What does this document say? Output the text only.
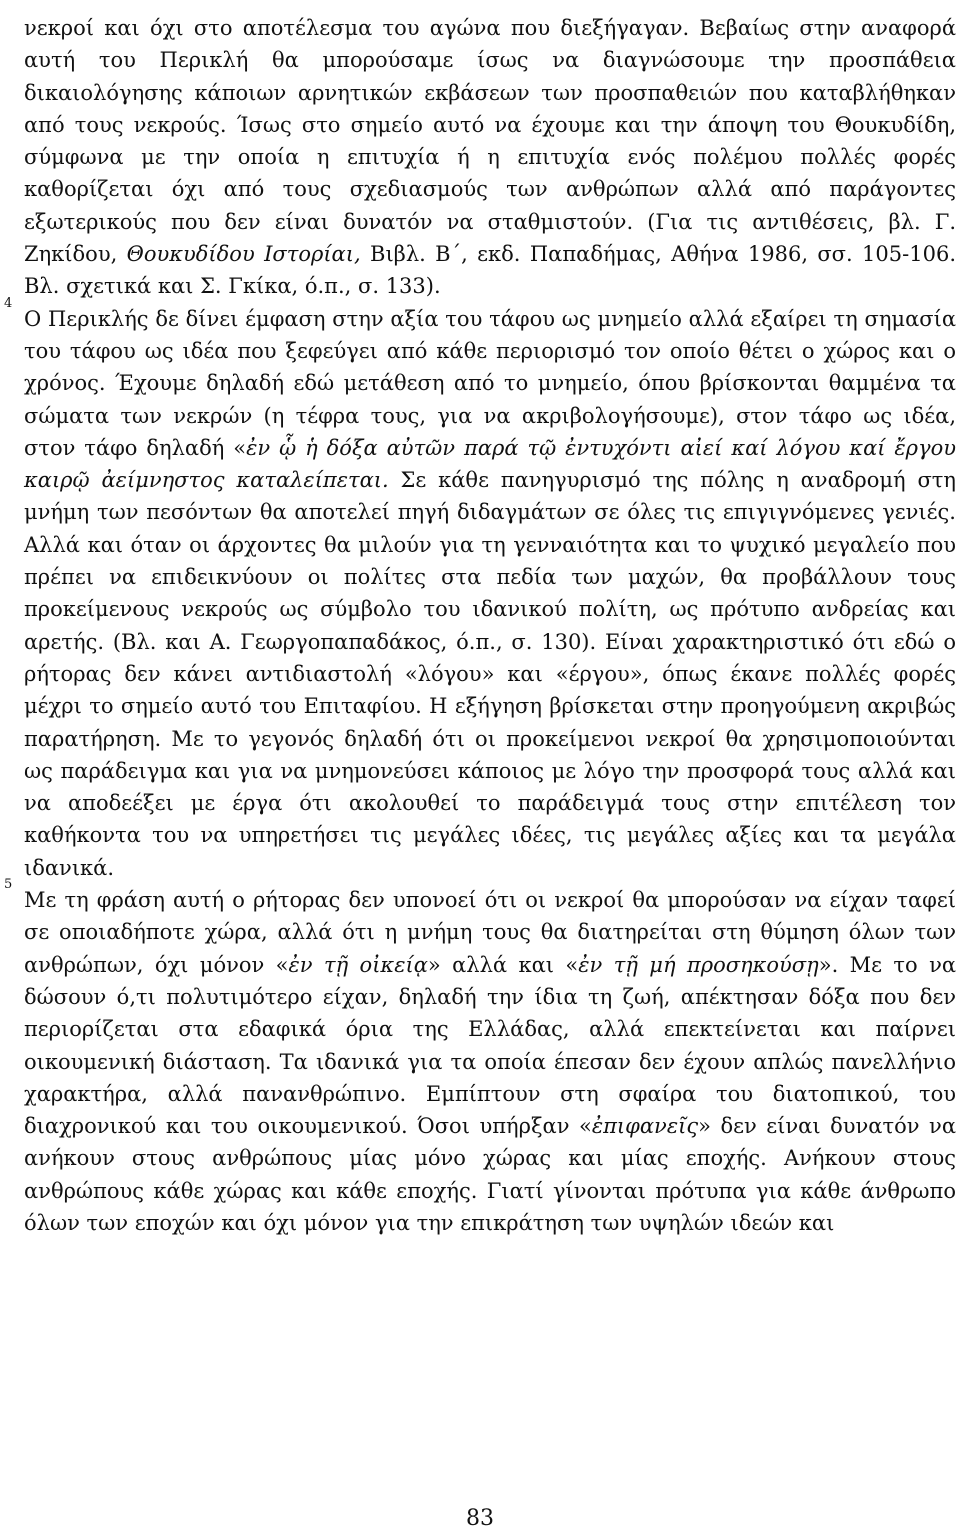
νεκροί και όχι στο αποτέλεσμα του αγώνα που διεξήγαγαν. Βεβαίως στην αναφορά αυτή του Περικλή θα μπορούσαμε ίσως να διαγνώσουμε την προσπάθεια δικαιολόγησης κάποιων αρνητικών εκβάσεων των προσπαθειών που καταβλήθηκαν από τους νεκρούς. Ίσως στο σημείο αυτό να έχουμε και την άποψη του Θουκυδίδη, σύμφωνα με την οποία η επιτυχία ή η επιτυχία ενός πολέμου πολλές φορές καθορίζεται όχι από τους σχεδιασμούς των ανθρώπων αλλά από παράγοντες εξωτερικούς που δεν είναι δυνατόν να σταθμιστούν. (Για τις αντιθέσεις, βλ. Γ. Ζηκίδου, Θουκυδίδου Ιστορίαι, Βιβλ. Β΄, εκδ. Παπαδήμας, Αθήνα 1986, σσ. 105-106. Βλ. σχετικά και Σ. Γκίκα, ό.π., σ. 133).

4

Ο Περικλής δε δίνει έμφαση στην αξία του τάφου ως μνημείο αλλά εξαίρει τη σημασία του τάφου ως ιδέα που ξεφεύγει από κάθε περιορισμό τον οποίο θέτει ο χώρος και ο χρόνος. Έχουμε δηλαδή εδώ μετάθεση από το μνημείο, όπου βρίσκονται θαμμένα τα σώματα των νεκρών (η τέφρα τους, για να ακριβολογήσουμε), στον τάφο ως ιδέα, στον τάφο δηλαδή «ἐν ᾧ ἡ δόξα αὐτῶν παρά τῷ ἐντυχόντι αἰεί καί λόγου καί ἔργου καιρῷ ἀείμνηστος καταλείπεται. Σε κάθε πανηγυρισμό της πόλης η αναδρομή στη μνήμη των πεσόντων θα αποτελεί πηγή διδαγμάτων σε όλες τις επιγιγνόμενες γενιές. Αλλά και όταν οι άρχοντες θα μιλούν για τη γενναιότητα και το ψυχικό μεγαλείο που πρέπει να επιδεικνύουν οι πολίτες στα πεδία των μαχών, θα προβάλλουν τους προκείμενους νεκρούς ως σύμβολο του ιδανικού πολίτη, ως πρότυπο ανδρείας και αρετής. (Βλ. και Α. Γεωργοπαπαδάκος, ό.π., σ. 130). Είναι χαρακτηριστικό ότι εδώ ο ρήτορας δεν κάνει αντιδιαστολή «λόγου» και «έργου», όπως έκανε πολλές φορές μέχρι το σημείο αυτό του Επιταφίου. Η εξήγηση βρίσκεται στην προηγούμενη ακριβώς παρατήρηση. Με το γεγονός δηλαδή ότι οι προκείμενοι νεκροί θα χρησιμοποιούνται ως παράδειγμα και για να μνημονεύσει κάποιος με λόγο την προσφορά τους αλλά και να αποδεέξει με έργα ότι ακολουθεί το παράδειγμά τους στην επιτέλεση τον καθήκοντα του να υπηρετήσει τις μεγάλες ιδέες, τις μεγάλες αξίες και τα μεγάλα ιδανικά.

5

Με τη φράση αυτή ο ρήτορας δεν υπονοεί ότι οι νεκροί θα μπορούσαν να είχαν ταφεί σε οποιαδήποτε χώρα, αλλά ότι η μνήμη τους θα διατηρείται στη θύμηση όλων των ανθρώπων, όχι μόνον «ἐν τῇ οἰκείᾳ» αλλά και «ἐν τῇ μή προσηκούσῃ». Με το να δώσουν ό,τι πολυτιμότερο είχαν, δηλαδή την ίδια τη ζωή, απέκτησαν δόξα που δεν περιορίζεται στα εδαφικά όρια της Ελλάδας, αλλά επεκτείνεται και παίρνει οικουμενική διάσταση. Τα ιδανικά για τα οποία έπεσαν δεν έχουν απλώς πανελλήνιο χαρακτήρα, αλλά πανανθρώπινο. Εμπίπτουν στη σφαίρα του διατοπικού, του διαχρονικού και του οικουμενικού. Όσοι υπήρξαν «ἐπιφανεῖς» δεν είναι δυνατόν να ανήκουν στους ανθρώπους μίας μόνο χώρας και μίας εποχής. Ανήκουν στους ανθρώπους κάθε χώρας και κάθε εποχής. Γιατί γίνονται πρότυπα για κάθε άνθρωπο όλων των εποχών και όχι μόνον για την επικράτηση των υψηλών ιδεών και

83
